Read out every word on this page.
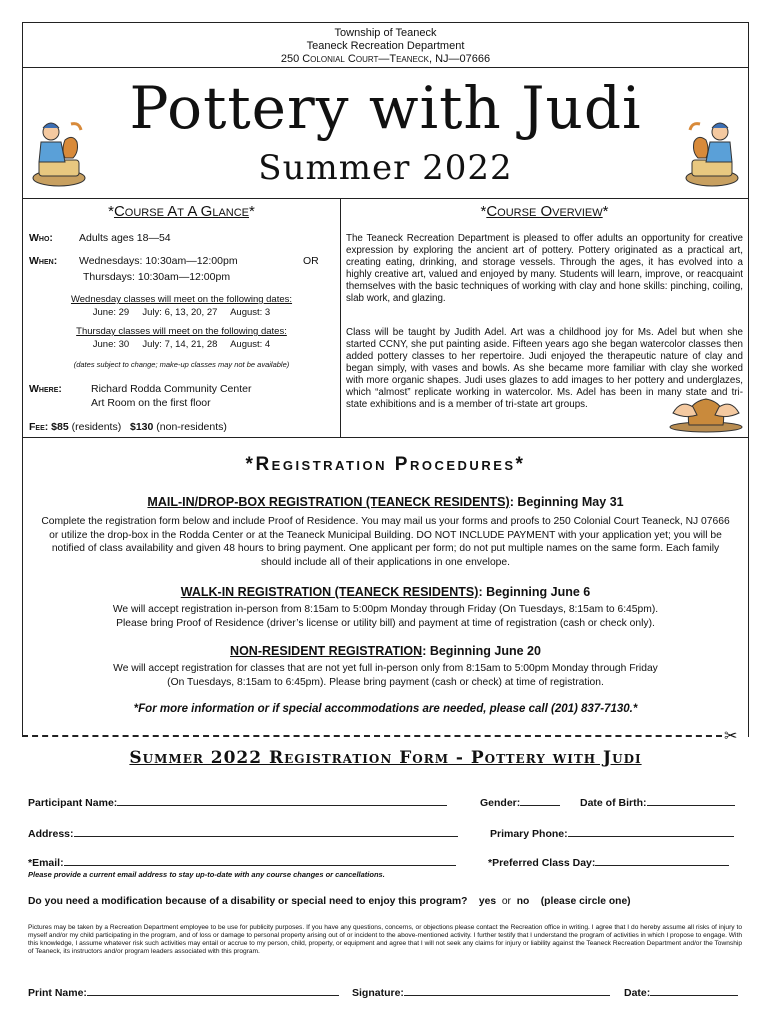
Township of Teaneck
Teaneck Recreation Department
250 Colonial Court—Teaneck, NJ—07666
Pottery with Judi
Summer 2022
*Course At A Glance*
Who: Adults ages 18—54
When: Wednesdays: 10:30am—12:00pm	OR
Thursdays: 10:30am—12:00pm
Wednesday classes will meet on the following dates:
June: 29     July: 6, 13, 20, 27     August: 3
Thursday classes will meet on the following dates:
June: 30     July: 7, 14, 21, 28     August: 4
(dates subject to change; make-up classes may not be available)
Where:	Richard Rodda Community Center
Art Room on the first floor
Fee: $85 (residents) $130 (non-residents)
*Course Overview*
The Teaneck Recreation Department is pleased to offer adults an opportunity for creative expression by exploring the ancient art of pottery. Pottery originated as a practical art, creating eating, drinking, and storage vessels. Through the ages, it has evolved into a highly creative art, valued and enjoyed by many. Students will learn, improve, or reacquaint themselves with the basic techniques of working with clay and hone skills: pinching, coiling, slab work, and glazing.
Class will be taught by Judith Adel. Art was a childhood joy for Ms. Adel but when she started CCNY, she put painting aside. Fifteen years ago she began watercolor classes then added pottery classes to her repertoire. Judi enjoyed the therapeutic nature of clay and began simply, with vases and bowls. As she became more familiar with clay she worked with more organic shapes. Judi uses glazes to add images to her pottery and underglazes, which “almost” replicate working in watercolor. Ms. Adel has been in many state and tri-state exhibitions and is a member of tri-state art groups.
*Registration Procedures*
MAIL-IN/DROP-BOX REGISTRATION (TEANECK RESIDENTS): Beginning May 31
Complete the registration form below and include Proof of Residence. You may mail us your forms and proofs to 250 Colonial Court Teaneck, NJ 07666 or utilize the drop-box in the Rodda Center or at the Teaneck Municipal Building. DO NOT INCLUDE PAYMENT with your application yet; you will be notified of class availability and given 48 hours to bring payment. One applicant per form; do not put multiple names on the same form. Each family should include all of their applications in one envelope.
WALK-IN REGISTRATION (TEANECK RESIDENTS): Beginning June 6
We will accept registration in-person from 8:15am to 5:00pm Monday through Friday (On Tuesdays, 8:15am to 6:45pm).
Please bring Proof of Residence (driver’s license or utility bill) and payment at time of registration (cash or check only).
NON-RESIDENT REGISTRATION: Beginning June 20
We will accept registration for classes that are not yet full in-person only from 8:15am to 5:00pm Monday through Friday
(On Tuesdays, 8:15am to 6:45pm). Please bring payment (cash or check) at time of registration.
*For more information or if special accommodations are needed, please call (201) 837-7130.*
✂
Summer 2022 Registration Form - Pottery with Judi
Participant Name:	Gender:	Date of Birth:
Address:	Primary Phone:
*Email:	*Preferred Class Day:
Please provide a current email address to stay up-to-date with any course changes or cancellations.
Do you need a modification because of a disability or special need to enjoy this program? yes or no (please circle one)
Pictures may be taken by a Recreation Department employee to be use for publicity purposes. If you have any questions, concerns, or objections please contact the Recreation office in writing. I agree that I do hereby assume all risks of injury to myself and/or my child participating in the program, and of loss or damage to personal property arising out of or incident to the above-mentioned activity. I further testify that I understand the program of activities in which I propose to engage. With this knowledge, I assume whatever risk such activities may entail or accrue to my person, child, property, or equipment and agree that I will not seek any claims for injury or liability against the Teaneck Recreation Department and/or the Township of Teaneck, its instructors and/or program leaders associated with this program.
Print Name:	Signature:	Date:
